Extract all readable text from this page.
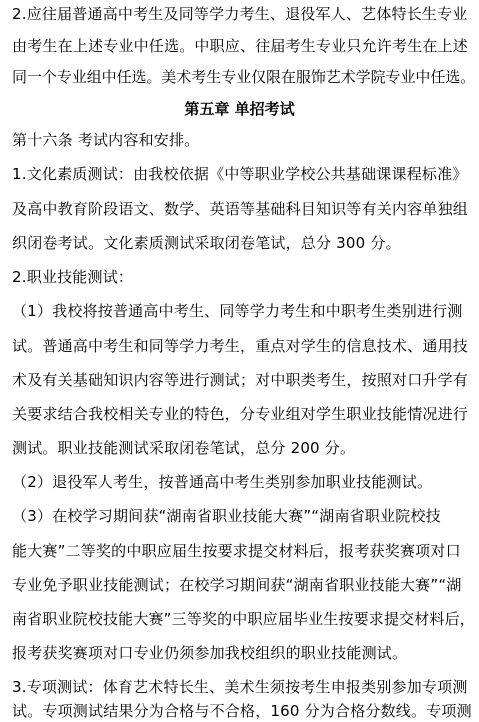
2.应往届普通高中考生及同等学力考生、退役军人、艺体特长生专业
由考生在上述专业中任选。中职应、往届考生专业只允许考生在上述
同一个专业组中任选。美术考生专业仅限在服饰艺术学院专业中任选。
第五章 单招考试
第十六条 考试内容和安排。
1.文化素质测试：由我校依据《中等职业学校公共基础课课程标准》
及高中教育阶段语文、数学、英语等基础科目知识等有关内容单独组
织闭卷考试。文化素质测试采取闭卷笔试，总分 300 分。
2.职业技能测试：
（1）我校将按普通高中考生、同等学力考生和中职考生类别进行测
试。普通高中考生和同等学力考生，重点对学生的信息技术、通用技
术及有关基础知识内容等进行测试；对中职类考生，按照对口升学有
关要求结合我校相关专业的特色，分专业组对学生职业技能情况进行
测试。职业技能测试采取闭卷笔试，总分 200 分。
（2）退役军人考生，按普通高中考生类别参加职业技能测试。
（3）在校学习期间获“湖南省职业技能大赛”“湖南省职业院校技
能大赛”二等奖的中职应届生按要求提交材料后，报考获奖赛项对口
专业免予职业技能测试；在校学习期间获“湖南省职业技能大赛”“湖
南省职业院校技能大赛”三等奖的中职应届毕业生按要求提交材料后，
报考获奖赛项对口专业仍须参加我校组织的职业技能测试。
3.专项测试：体育艺术特长生、美术生须按考生申报类别参加专项测
试。专项测试结果分为合格与不合格，160 分为合格分数线。专项测
